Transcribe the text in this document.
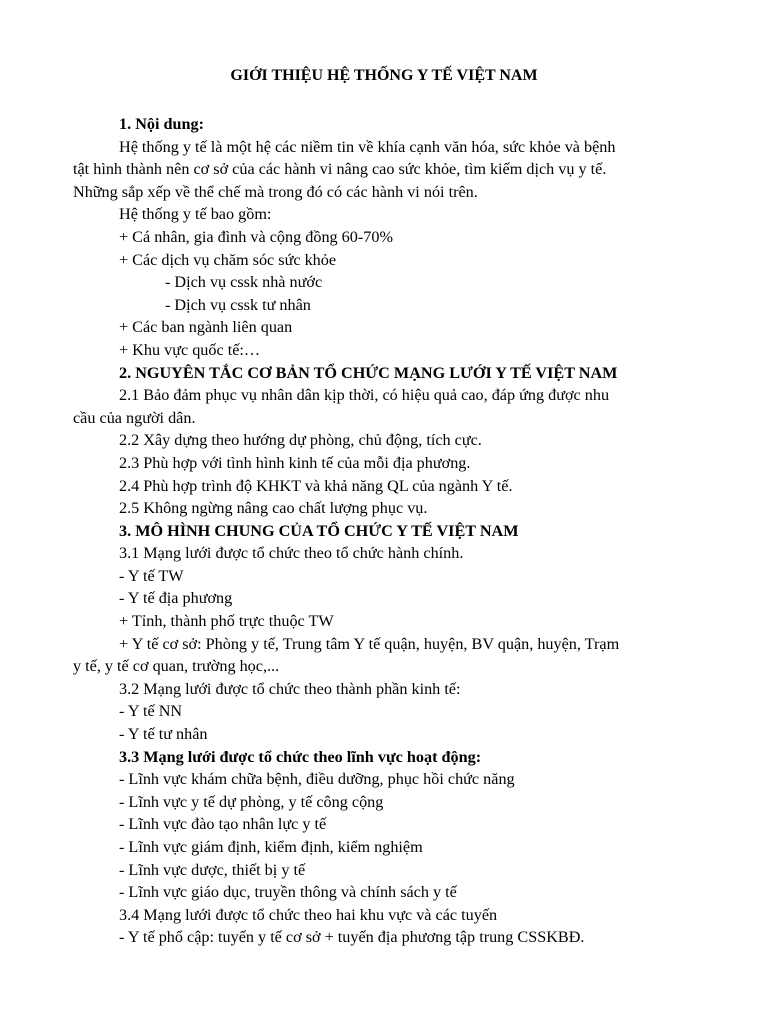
GIỚI THIỆU HỆ THỐNG Y TẾ VIỆT NAM
1. Nội dung:
Hệ thống y tế là một hệ các niềm tin về khía cạnh văn hóa, sức khỏe và bệnh
tật hình thành nên cơ sở của các hành vi nâng cao sức khỏe, tìm kiếm dịch vụ y tế.
Những sắp xếp về thể chế mà trong đó có các hành vi nói trên.
Hệ thống y tế bao gồm:
+ Cá nhân, gia đình và cộng đồng 60-70%
+ Các dịch vụ chăm sóc sức khỏe
- Dịch vụ cssk nhà nước
- Dịch vụ cssk tư nhân
+ Các ban ngành liên quan
+ Khu vực quốc tế:…
2. NGUYÊN TẮC CƠ BẢN TỔ CHỨC MẠNG LƯỚI Y TẾ VIỆT NAM
2.1 Bảo đảm phục vụ nhân dân kịp thời, có hiệu quả cao, đáp ứng được nhu
cầu của người dân.
2.2 Xây dựng theo hướng dự phòng, chủ động, tích cực.
2.3 Phù hợp với tình hình kinh tế của mỗi địa phương.
2.4 Phù hợp trình độ KHKT và khả năng QL của ngành Y tế.
2.5 Không ngừng nâng cao chất lượng phục vụ.
3. MÔ HÌNH CHUNG CỦA TỔ CHỨC Y TẾ VIỆT NAM
3.1 Mạng lưới được tổ chức theo tổ chức hành chính.
- Y tế TW
- Y tế địa phương
+ Tỉnh, thành phố trực thuộc TW
+ Y tế cơ sở: Phòng y tế, Trung tâm Y tế quận, huyện, BV quận, huyện, Trạm
y tế, y tế cơ quan, trường học,...
3.2 Mạng lưới được tổ chức theo thành phần kinh tế:
- Y tế NN
- Y tế tư nhân
3.3 Mạng lưới được tổ chức theo lĩnh vực hoạt động:
- Lĩnh vực khám chữa bệnh, điều dưỡng, phục hồi chức năng
- Lĩnh vực y tế dự phòng, y tế công cộng
- Lĩnh vực đào tạo nhân lực y tế
- Lĩnh vực giám định, kiểm định, kiểm nghiệm
- Lĩnh vực dược, thiết bị y tế
- Lĩnh vực giáo dục, truyền thông và chính sách y tế
3.4 Mạng lưới được tổ chức theo hai khu vực và các tuyến
- Y tế phổ cập: tuyến y tế cơ sở + tuyến địa phương tập trung CSSKBĐ.
